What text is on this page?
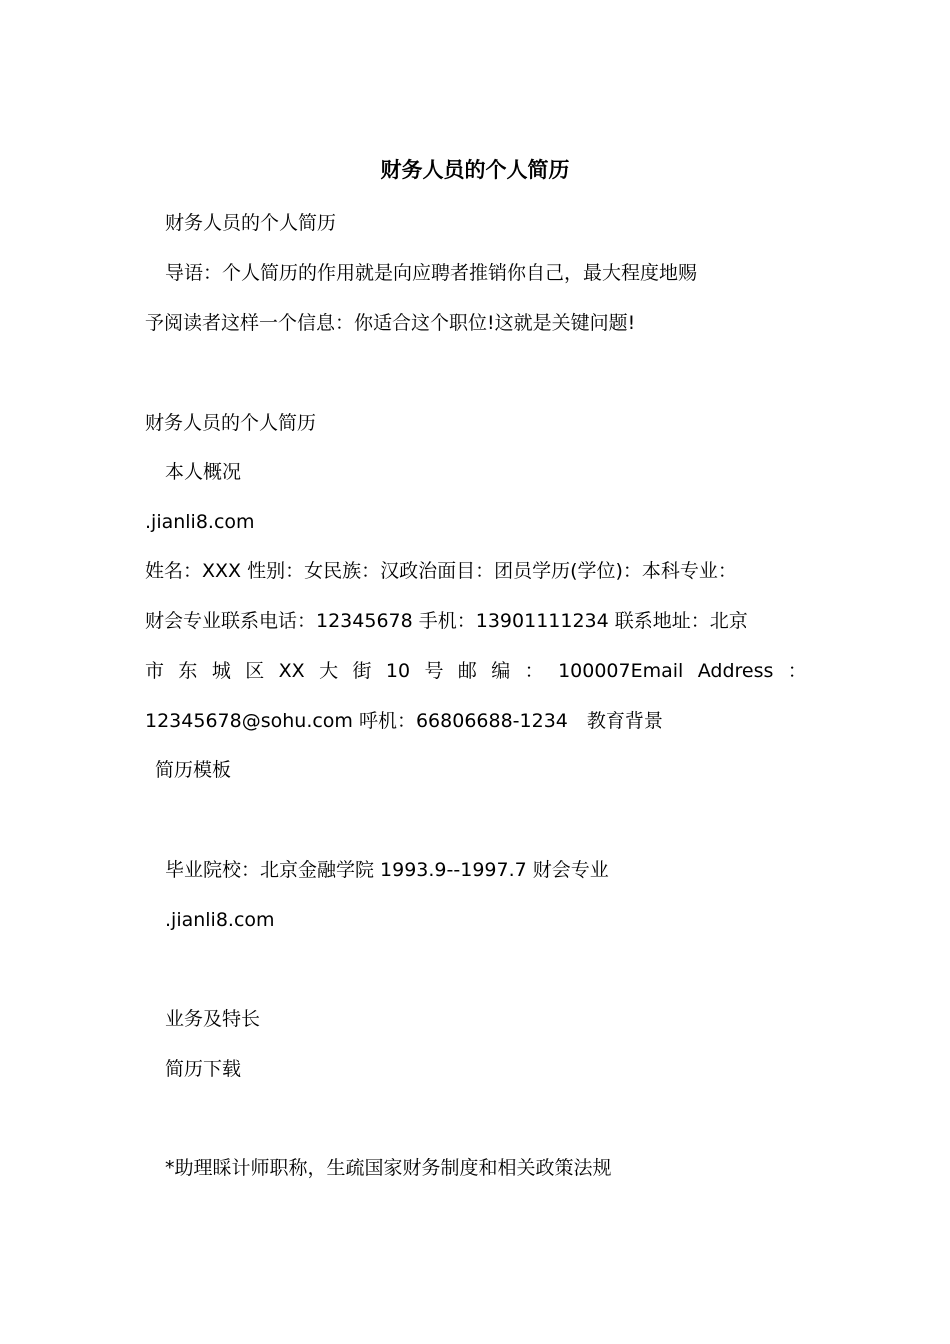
财务人员的个人简历
财务人员的个人简历
导语：个人简历的作用就是向应聘者推销你自己，最大程度地赐
予阅读者这样一个信息：你适合这个职位!这就是关键问题!
财务人员的个人简历
本人概况
.jianli8.com
姓名：XXX 性别：女民族：汉政治面目：团员学历(学位)：本科专业：
财会专业联系电话：12345678 手机：13901111234 联系地址：北京
市 东 城 区 XX 大 街 10 号 邮 编 ： 100007Email Address ：
12345678@sohu.com 呼机：66806688-1234　教育背景
简历模板
毕业院校：北京金融学院 1993.9--1997.7 财会专业
.jianli8.com
业务及特长
简历下载
*助理睬计师职称，生疏国家财务制度和相关政策法规
